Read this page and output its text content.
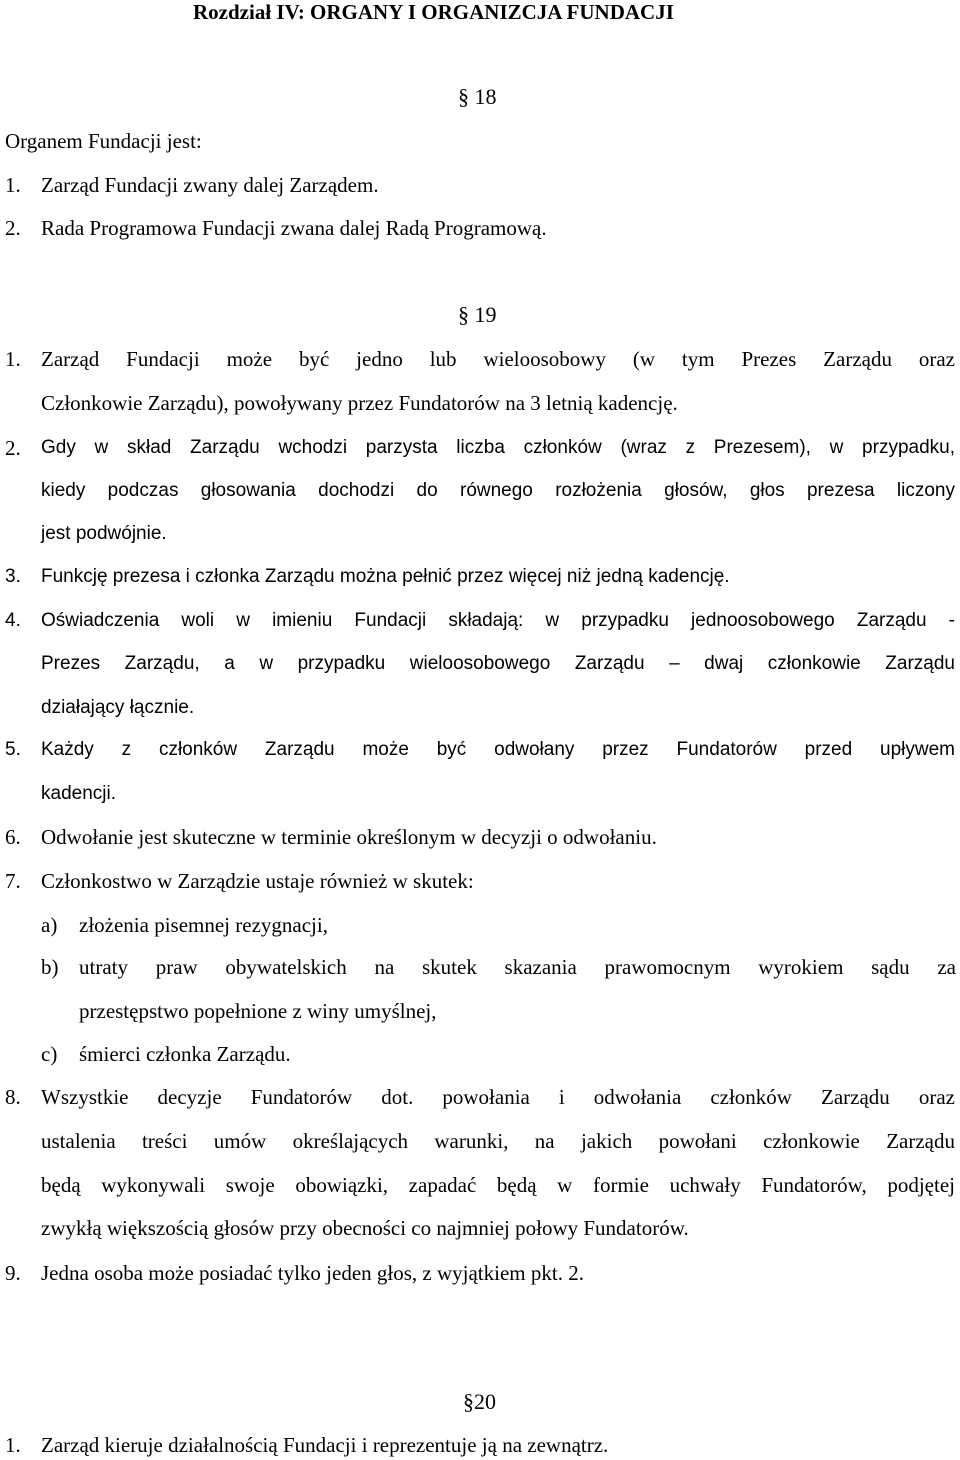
Rozdział IV: ORGANY I ORGANIZCJA FUNDACJI
§ 18
Organem Fundacji jest:
1. Zarząd Fundacji zwany dalej Zarządem.
2. Rada Programowa Fundacji zwana dalej Radą Programową.
§ 19
1. Zarząd Fundacji może być jedno lub wieloosobowy (w tym Prezes Zarządu oraz
Członkowie Zarządu), powoływany przez Fundatorów na 3 letnią kadencję.
2. Gdy w skład Zarządu wchodzi parzysta liczba członków (wraz z Prezesem), w przypadku,
kiedy podczas głosowania dochodzi do równego rozłożenia głosów, głos prezesa liczony
jest podwójnie.
3. Funkcję prezesa i członka Zarządu można pełnić przez więcej niż jedną kadencję.
4. Oświadczenia woli w imieniu Fundacji składają: w przypadku jednoosobowego Zarządu -
Prezes Zarządu, a w przypadku wieloosobowego Zarządu – dwaj członkowie Zarządu
działający łącznie.
5. Każdy z członków Zarządu może być odwołany przez Fundatorów przed upływem
kadencji.
6. Odwołanie jest skuteczne w terminie określonym w decyzji o odwołaniu.
7. Członkostwo w Zarządzie ustaje również w skutek:
a) złożenia pisemnej rezygnacji,
b) utraty praw obywatelskich na skutek skazania prawomocnym wyrokiem sądu za
przestępstwo popełnione z winy umyślnej,
c) śmierci członka Zarządu.
8. Wszystkie decyzje Fundatorów dot. powołania i odwołania członków Zarządu oraz
ustalenia treści umów określających warunki, na jakich powołani członkowie Zarządu
będą wykonywali swoje obowiązki, zapadać będą w formie uchwały Fundatorów, podjętej
zwykłą większością głosów przy obecności co najmniej połowy Fundatorów.
9. Jedna osoba może posiadać tylko jeden głos, z wyjątkiem pkt. 2.
§20
1. Zarząd kieruje działalnością Fundacji i reprezentuje ją na zewnątrz.
